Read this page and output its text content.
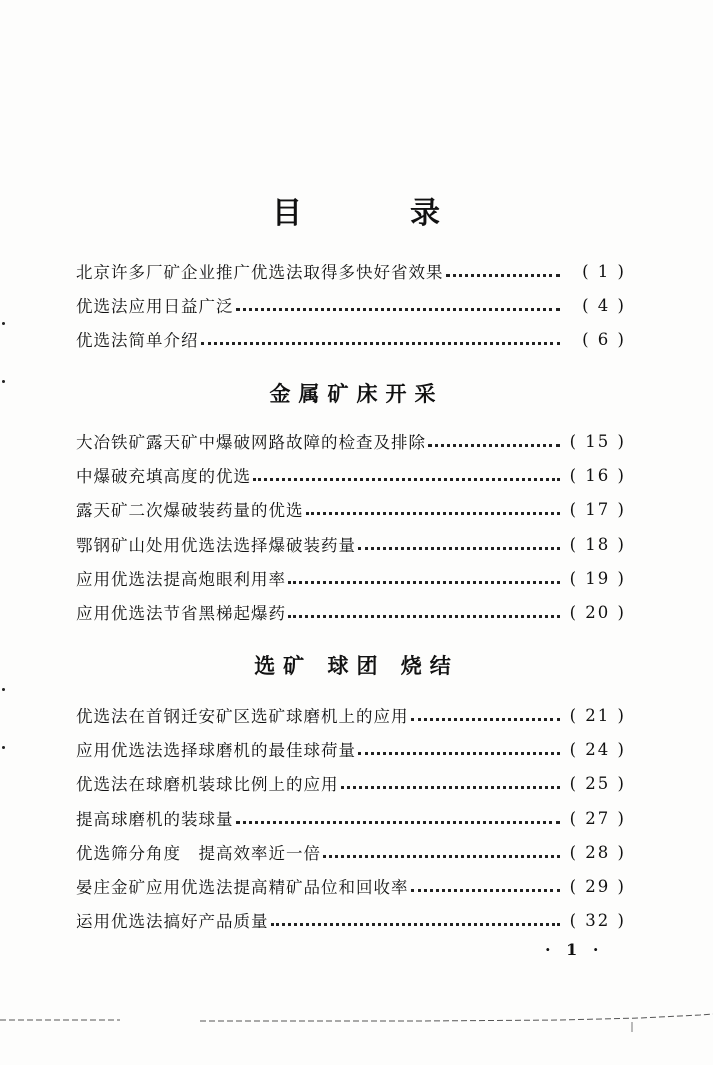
目	录
北京许多厂矿企业推广优选法取得多快好省效果	( 1 )
优选法应用日益广泛	( 4 )
优选法简单介绍	( 6 )
金属矿床开采
大冶铁矿露天矿中爆破网路故障的检查及排除	( 15 )
中爆破充填高度的优选	( 16 )
露天矿二次爆破装药量的优选	( 17 )
鄂钢矿山处用优选法选择爆破装药量	( 18 )
应用优选法提高炮眼利用率	( 19 )
应用优选法节省黑梯起爆药	( 20 )
选矿 球团 烧结
优选法在首钢迁安矿区选矿球磨机上的应用	( 21 )
应用优选法选择球磨机的最佳球荷量	( 24 )
优选法在球磨机装球比例上的应用	( 25 )
提高球磨机的装球量	( 27 )
优选筛分角度　提高效率近一倍	( 28 )
晏庄金矿应用优选法提高精矿品位和回收率	( 29 )
运用优选法搞好产品质量	( 32 )
· 1 ·
